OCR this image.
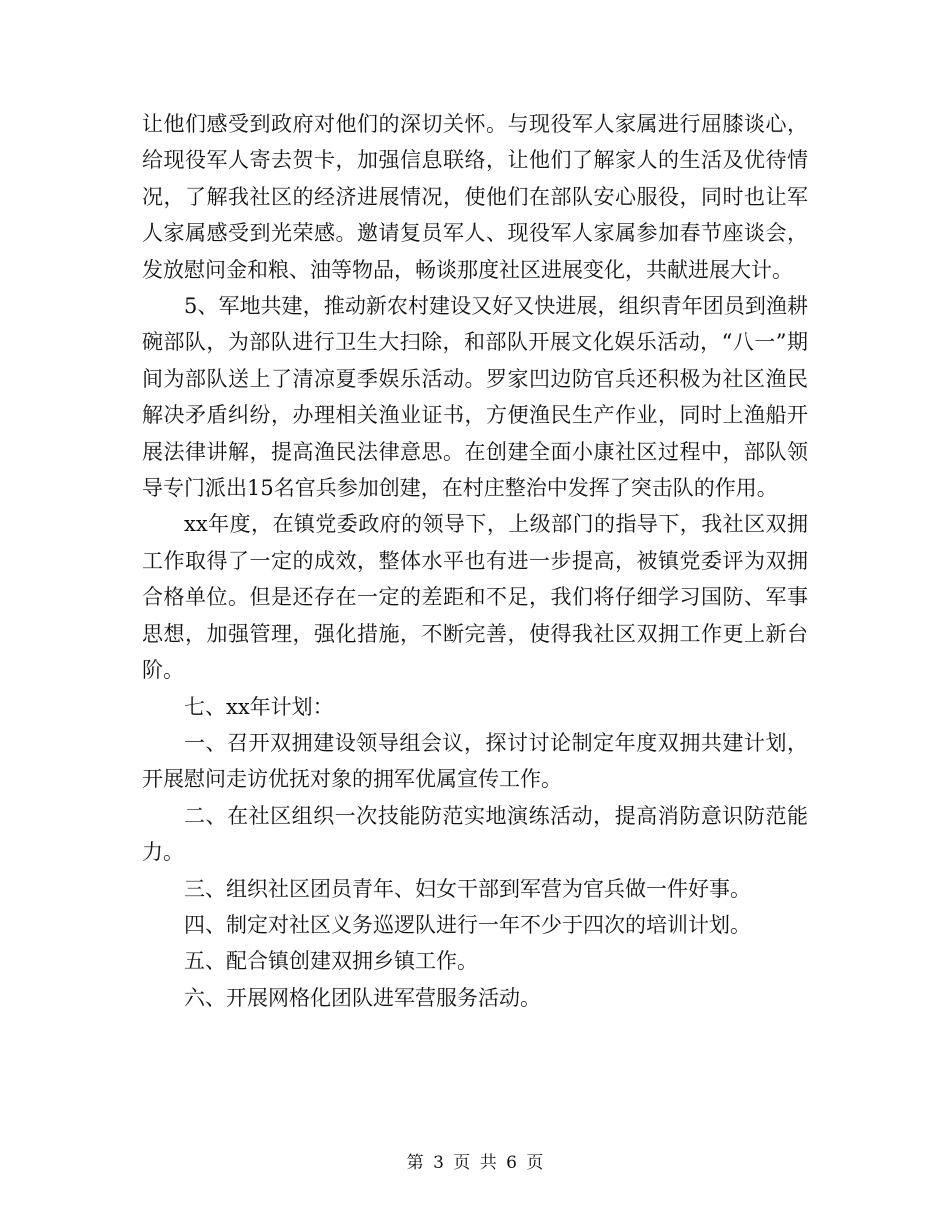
让他们感受到政府对他们的深切关怀。与现役军人家属进行屈膝谈心，给现役军人寄去贺卡，加强信息联络，让他们了解家人的生活及优待情况，了解我社区的经济进展情况，使他们在部队安心服役，同时也让军人家属感受到光荣感。邀请复员军人、现役军人家属参加春节座谈会，发放慰问金和粮、油等物品，畅谈那度社区进展变化，共献进展大计。

5、军地共建，推动新农村建设又好又快进展，组织青年团员到渔耕碗部队，为部队进行卫生大扫除，和部队开展文化娱乐活动，“八一”期间为部队送上了清凉夏季娱乐活动。罗家凹边防官兵还积极为社区渔民解决矛盾纠纷，办理相关渔业证书，方便渔民生产作业，同时上渔船开展法律讲解，提高渔民法律意思。在创建全面小康社区过程中，部队领导专门派出15名官兵参加创建，在村庄整治中发挥了突击队的作用。

xx年度，在镇党委政府的领导下，上级部门的指导下，我社区双拥工作取得了一定的成效，整体水平也有进一步提高，被镇党委评为双拥合格单位。但是还存在一定的差距和不足，我们将仔细学习国防、军事思想，加强管理，强化措施，不断完善，使得我社区双拥工作更上新台阶。

七、xx年计划：

一、召开双拥建设领导组会议，探讨讨论制定年度双拥共建计划，开展慰问走访优抚对象的拥军优属宣传工作。

二、在社区组织一次技能防范实地演练活动，提高消防意识防范能力。

三、组织社区团员青年、妇女干部到军营为官兵做一件好事。

四、制定对社区义务巡逻队进行一年不少于四次的培训计划。

五、配合镇创建双拥乡镇工作。

六、开展网格化团队进军营服务活动。

第 3 页 共 6 页
